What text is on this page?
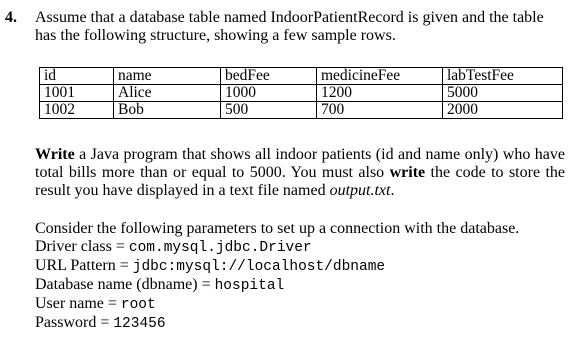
4. Assume that a database table named IndoorPatientRecord is given and the table has the following structure, showing a few sample rows.
id	name	bedFee	medicineFee	labTestFee
1001	Alice	1000	1200	5000
1002	Bob	500	700	2000
Write a Java program that shows all indoor patients (id and name only) who have total bills more than or equal to 5000. You must also write the code to store the result you have displayed in a text file named output.txt.
Consider the following parameters to set up a connection with the database.
Driver class = com.mysql.jdbc.Driver
URL Pattern = jdbc:mysql://localhost/dbname
Database name (dbname) = hospital
User name = root
Password = 123456
